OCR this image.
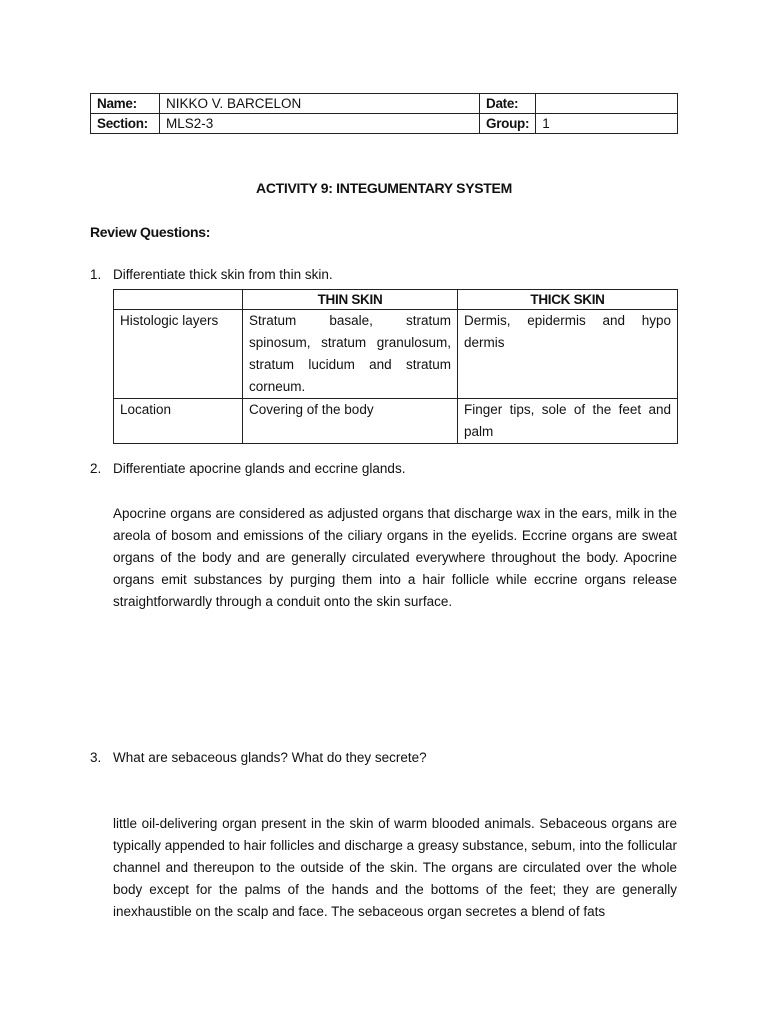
Name:	NIKKO V. BARCELON	Date:	
Section:	MLS2-3	Group:	1
ACTIVITY 9: INTEGUMENTARY SYSTEM
Review Questions:
1. Differentiate thick skin from thin skin.
	THIN SKIN	THICK SKIN
Histologic layers	Stratum basale, stratum spinosum, stratum granulosum, stratum lucidum and stratum corneum.	Dermis, epidermis and hypo dermis
Location	Covering of the body	Finger tips, sole of the feet and palm
2. Differentiate apocrine glands and eccrine glands.
Apocrine organs are considered as adjusted organs that discharge wax in the ears, milk in the areola of bosom and emissions of the ciliary organs in the eyelids. Eccrine organs are sweat organs of the body and are generally circulated everywhere throughout the body. Apocrine organs emit substances by purging them into a hair follicle while eccrine organs release straightforwardly through a conduit onto the skin surface.
3. What are sebaceous glands? What do they secrete?
little oil-delivering organ present in the skin of warm blooded animals. Sebaceous organs are typically appended to hair follicles and discharge a greasy substance, sebum, into the follicular channel and thereupon to the outside of the skin. The organs are circulated over the whole body except for the palms of the hands and the bottoms of the feet; they are generally inexhaustible on the scalp and face. The sebaceous organ secretes a blend of fats
